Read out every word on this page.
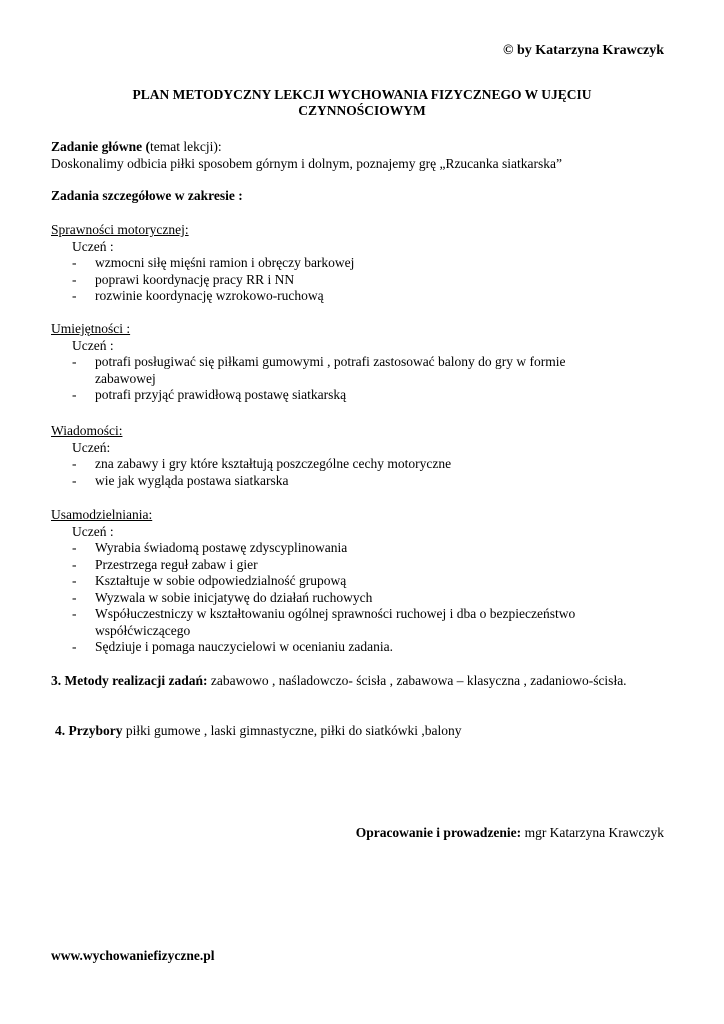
© by Katarzyna Krawczyk
PLAN METODYCZNY LEKCJI WYCHOWANIA FIZYCZNEGO W UJĘCIU CZYNNOŚCIOWYM
Zadanie główne (temat lekcji):
Doskonalimy odbicia piłki sposobem górnym i dolnym, poznajemy grę „Rzucanka siatkarska”
Zadania szczegółowe w zakresie :
Sprawności motorycznej:
Uczeń :
- wzmocni siłę mięśni ramion i obręczy barkowej
- poprawi koordynację pracy RR i NN
- rozwinie koordynację wzrokowo-ruchową
Umiejętności :
Uczeń :
- potrafi posługiwać się piłkami gumowymi , potrafi zastosować balony do gry w formie zabawowej
- potrafi przyjąć prawidłową postawę siatkarską
Wiadomości:
Uczeń:
- zna zabawy i gry które kształtują poszczególne cechy motoryczne
- wie jak wygląda postawa siatkarska
Usamodzielniania:
Uczeń :
- Wyrabia świadomą postawę zdyscyplinowania
- Przestrzega reguł zabaw i gier
- Kształtuje w sobie odpowiedzialność grupową
- Wyzwala w sobie inicjatywę do działań ruchowych
- Współuczestniczy w kształtowaniu ogólnej sprawności ruchowej i dba o bezpieczeństwo współćwiczącego
- Sędziuje i pomaga nauczycielowi w ocenianiu zadania.
3. Metody realizacji zadań: zabawowo , naśladowczo- ścisła , zabawowa – klasyczna , zadaniowo-ścisła.
4. Przybory piłki gumowe , laski gimnastyczne, piłki do siatkówki ,balony
Opracowanie i prowadzenie: mgr Katarzyna Krawczyk
www.wychowaniefizyczne.pl
